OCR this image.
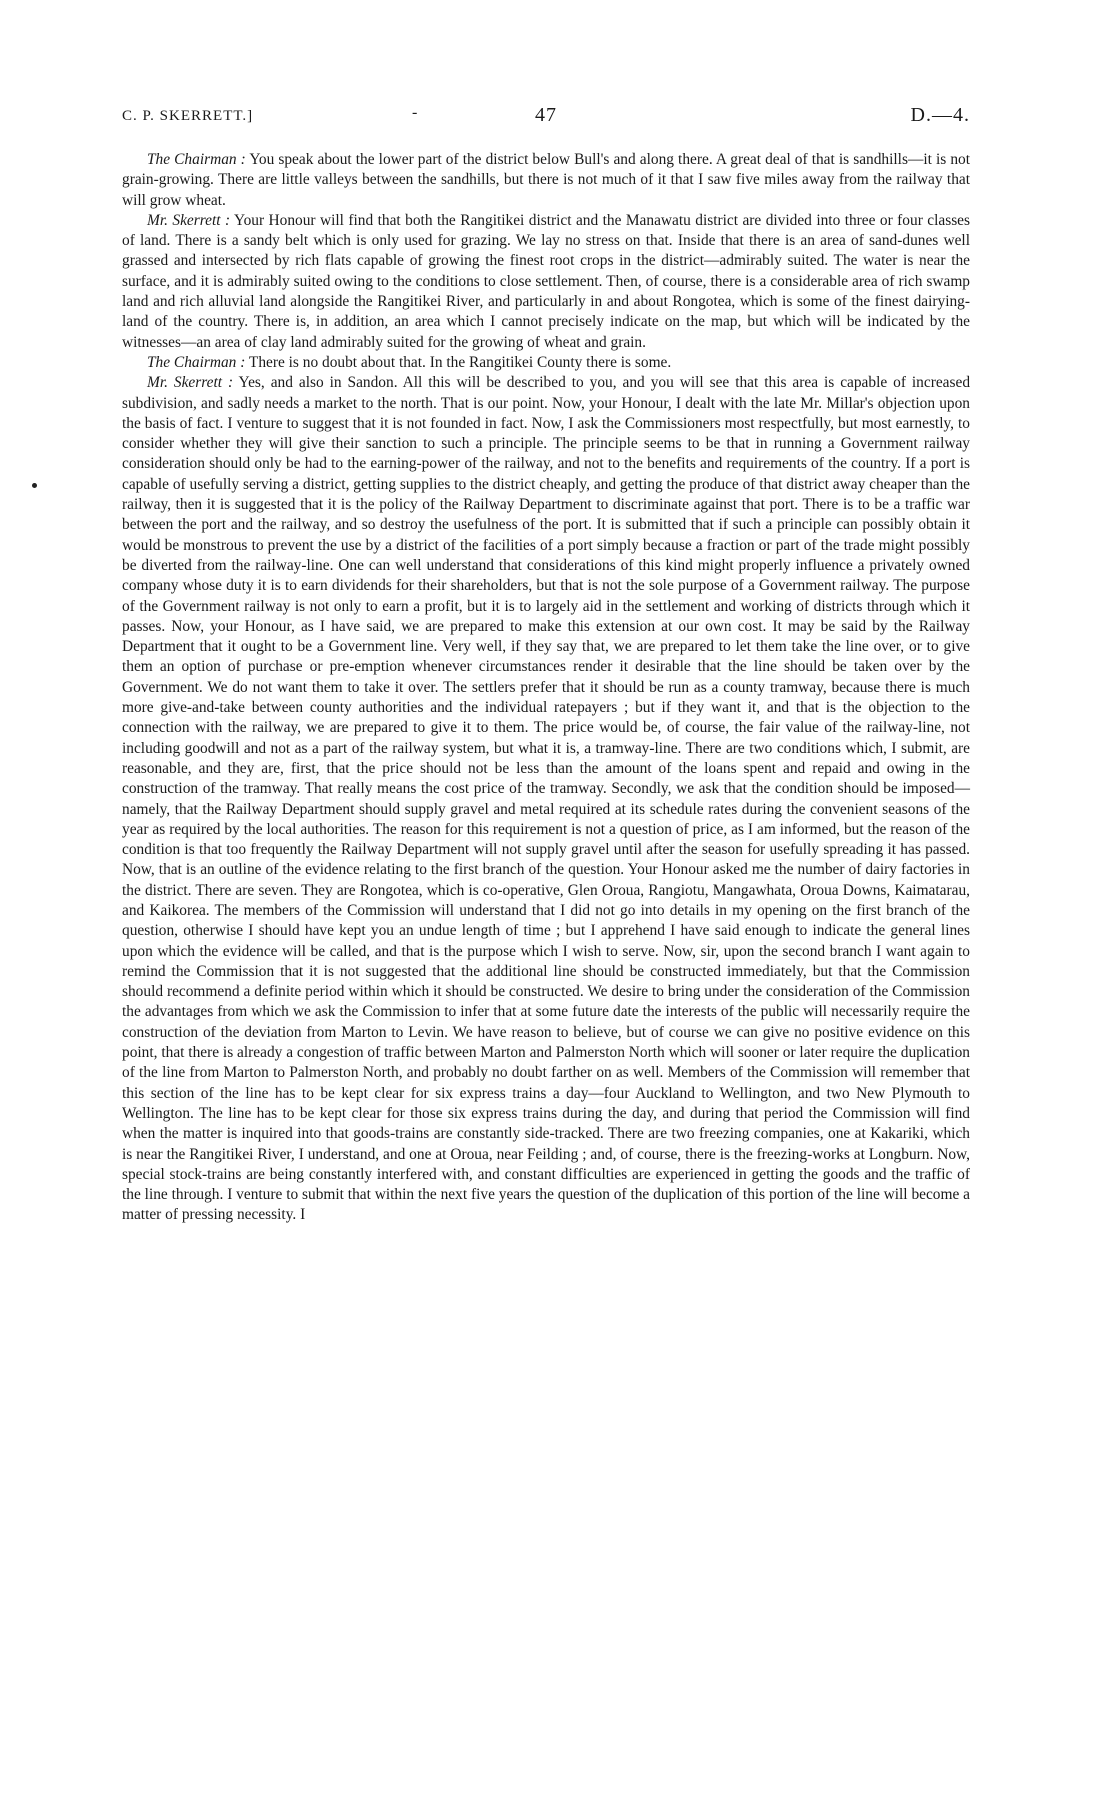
C. P. SKERRETT.]	-	47	D.—4.

The Chairman : You speak about the lower part of the district below Bull's and along there. A great deal of that is sandhills—it is not grain-growing. There are little valleys between the sandhills, but there is not much of it that I saw five miles away from the railway that will grow wheat.

Mr. Skerrett : Your Honour will find that both the Rangitikei district and the Manawatu district are divided into three or four classes of land. There is a sandy belt which is only used for grazing. We lay no stress on that. Inside that there is an area of sand-dunes well grassed and intersected by rich flats capable of growing the finest root crops in the district—admirably suited. The water is near the surface, and it is admirably suited owing to the conditions to close settlement. Then, of course, there is a considerable area of rich swamp land and rich alluvial land alongside the Rangitikei River, and particularly in and about Rongotea, which is some of the finest dairying-land of the country. There is, in addition, an area which I cannot precisely indicate on the map, but which will be indicated by the witnesses—an area of clay land admirably suited for the growing of wheat and grain.

The Chairman : There is no doubt about that. In the Rangitikei County there is some.

Mr. Skerrett : Yes, and also in Sandon. All this will be described to you, and you will see that this area is capable of increased subdivision, and sadly needs a market to the north. That is our point. Now, your Honour, I dealt with the late Mr. Millar's objection upon the basis of fact. I venture to suggest that it is not founded in fact. Now, I ask the Commissioners most respectfully, but most earnestly, to consider whether they will give their sanction to such a principle. The principle seems to be that in running a Government railway consideration should only be had to the earning-power of the railway, and not to the benefits and requirements of the country. If a port is capable of usefully serving a district, getting supplies to the district cheaply, and getting the produce of that district away cheaper than the railway, then it is suggested that it is the policy of the Railway Department to discriminate against that port. There is to be a traffic war between the port and the railway, and so destroy the usefulness of the port. It is submitted that if such a principle can possibly obtain it would be monstrous to prevent the use by a district of the facilities of a port simply because a fraction or part of the trade might possibly be diverted from the railway-line. One can well understand that considerations of this kind might properly influence a privately owned company whose duty it is to earn dividends for their shareholders, but that is not the sole purpose of a Government railway. The purpose of the Government railway is not only to earn a profit, but it is to largely aid in the settlement and working of districts through which it passes. Now, your Honour, as I have said, we are prepared to make this extension at our own cost. It may be said by the Railway Department that it ought to be a Government line. Very well, if they say that, we are prepared to let them take the line over, or to give them an option of purchase or pre-emption whenever circumstances render it desirable that the line should be taken over by the Government. We do not want them to take it over. The settlers prefer that it should be run as a county tramway, because there is much more give-and-take between county authorities and the individual ratepayers ; but if they want it, and that is the objection to the connection with the railway, we are prepared to give it to them. The price would be, of course, the fair value of the railway-line, not including goodwill and not as a part of the railway system, but what it is, a tramway-line. There are two conditions which, I submit, are reasonable, and they are, first, that the price should not be less than the amount of the loans spent and repaid and owing in the construction of the tramway. That really means the cost price of the tramway. Secondly, we ask that the condition should be imposed—namely, that the Railway Department should supply gravel and metal required at its schedule rates during the convenient seasons of the year as required by the local authorities. The reason for this requirement is not a question of price, as I am informed, but the reason of the condition is that too frequently the Railway Department will not supply gravel until after the season for usefully spreading it has passed. Now, that is an outline of the evidence relating to the first branch of the question. Your Honour asked me the number of dairy factories in the district. There are seven. They are Rongotea, which is co-operative, Glen Oroua, Rangiotu, Mangawhata, Oroua Downs, Kaimatarau, and Kaikorea. The members of the Commission will understand that I did not go into details in my opening on the first branch of the question, otherwise I should have kept you an undue length of time ; but I apprehend I have said enough to indicate the general lines upon which the evidence will be called, and that is the purpose which I wish to serve. Now, sir, upon the second branch I want again to remind the Commission that it is not suggested that the additional line should be constructed immediately, but that the Commission should recommend a definite period within which it should be constructed. We desire to bring under the consideration of the Commission the advantages from which we ask the Commission to infer that at some future date the interests of the public will necessarily require the construction of the deviation from Marton to Levin. We have reason to believe, but of course we can give no positive evidence on this point, that there is already a congestion of traffic between Marton and Palmerston North which will sooner or later require the duplication of the line from Marton to Palmerston North, and probably no doubt farther on as well. Members of the Commission will remember that this section of the line has to be kept clear for six express trains a day—four Auckland to Wellington, and two New Plymouth to Wellington. The line has to be kept clear for those six express trains during the day, and during that period the Commission will find when the matter is inquired into that goods-trains are constantly side-tracked. There are two freezing companies, one at Kakariki, which is near the Rangitikei River, I understand, and one at Oroua, near Feilding ; and, of course, there is the freezing-works at Longburn. Now, special stock-trains are being constantly interfered with, and constant difficulties are experienced in getting the goods and the traffic of the line through. I venture to submit that within the next five years the question of the duplication of this portion of the line will become a matter of pressing necessity. I
